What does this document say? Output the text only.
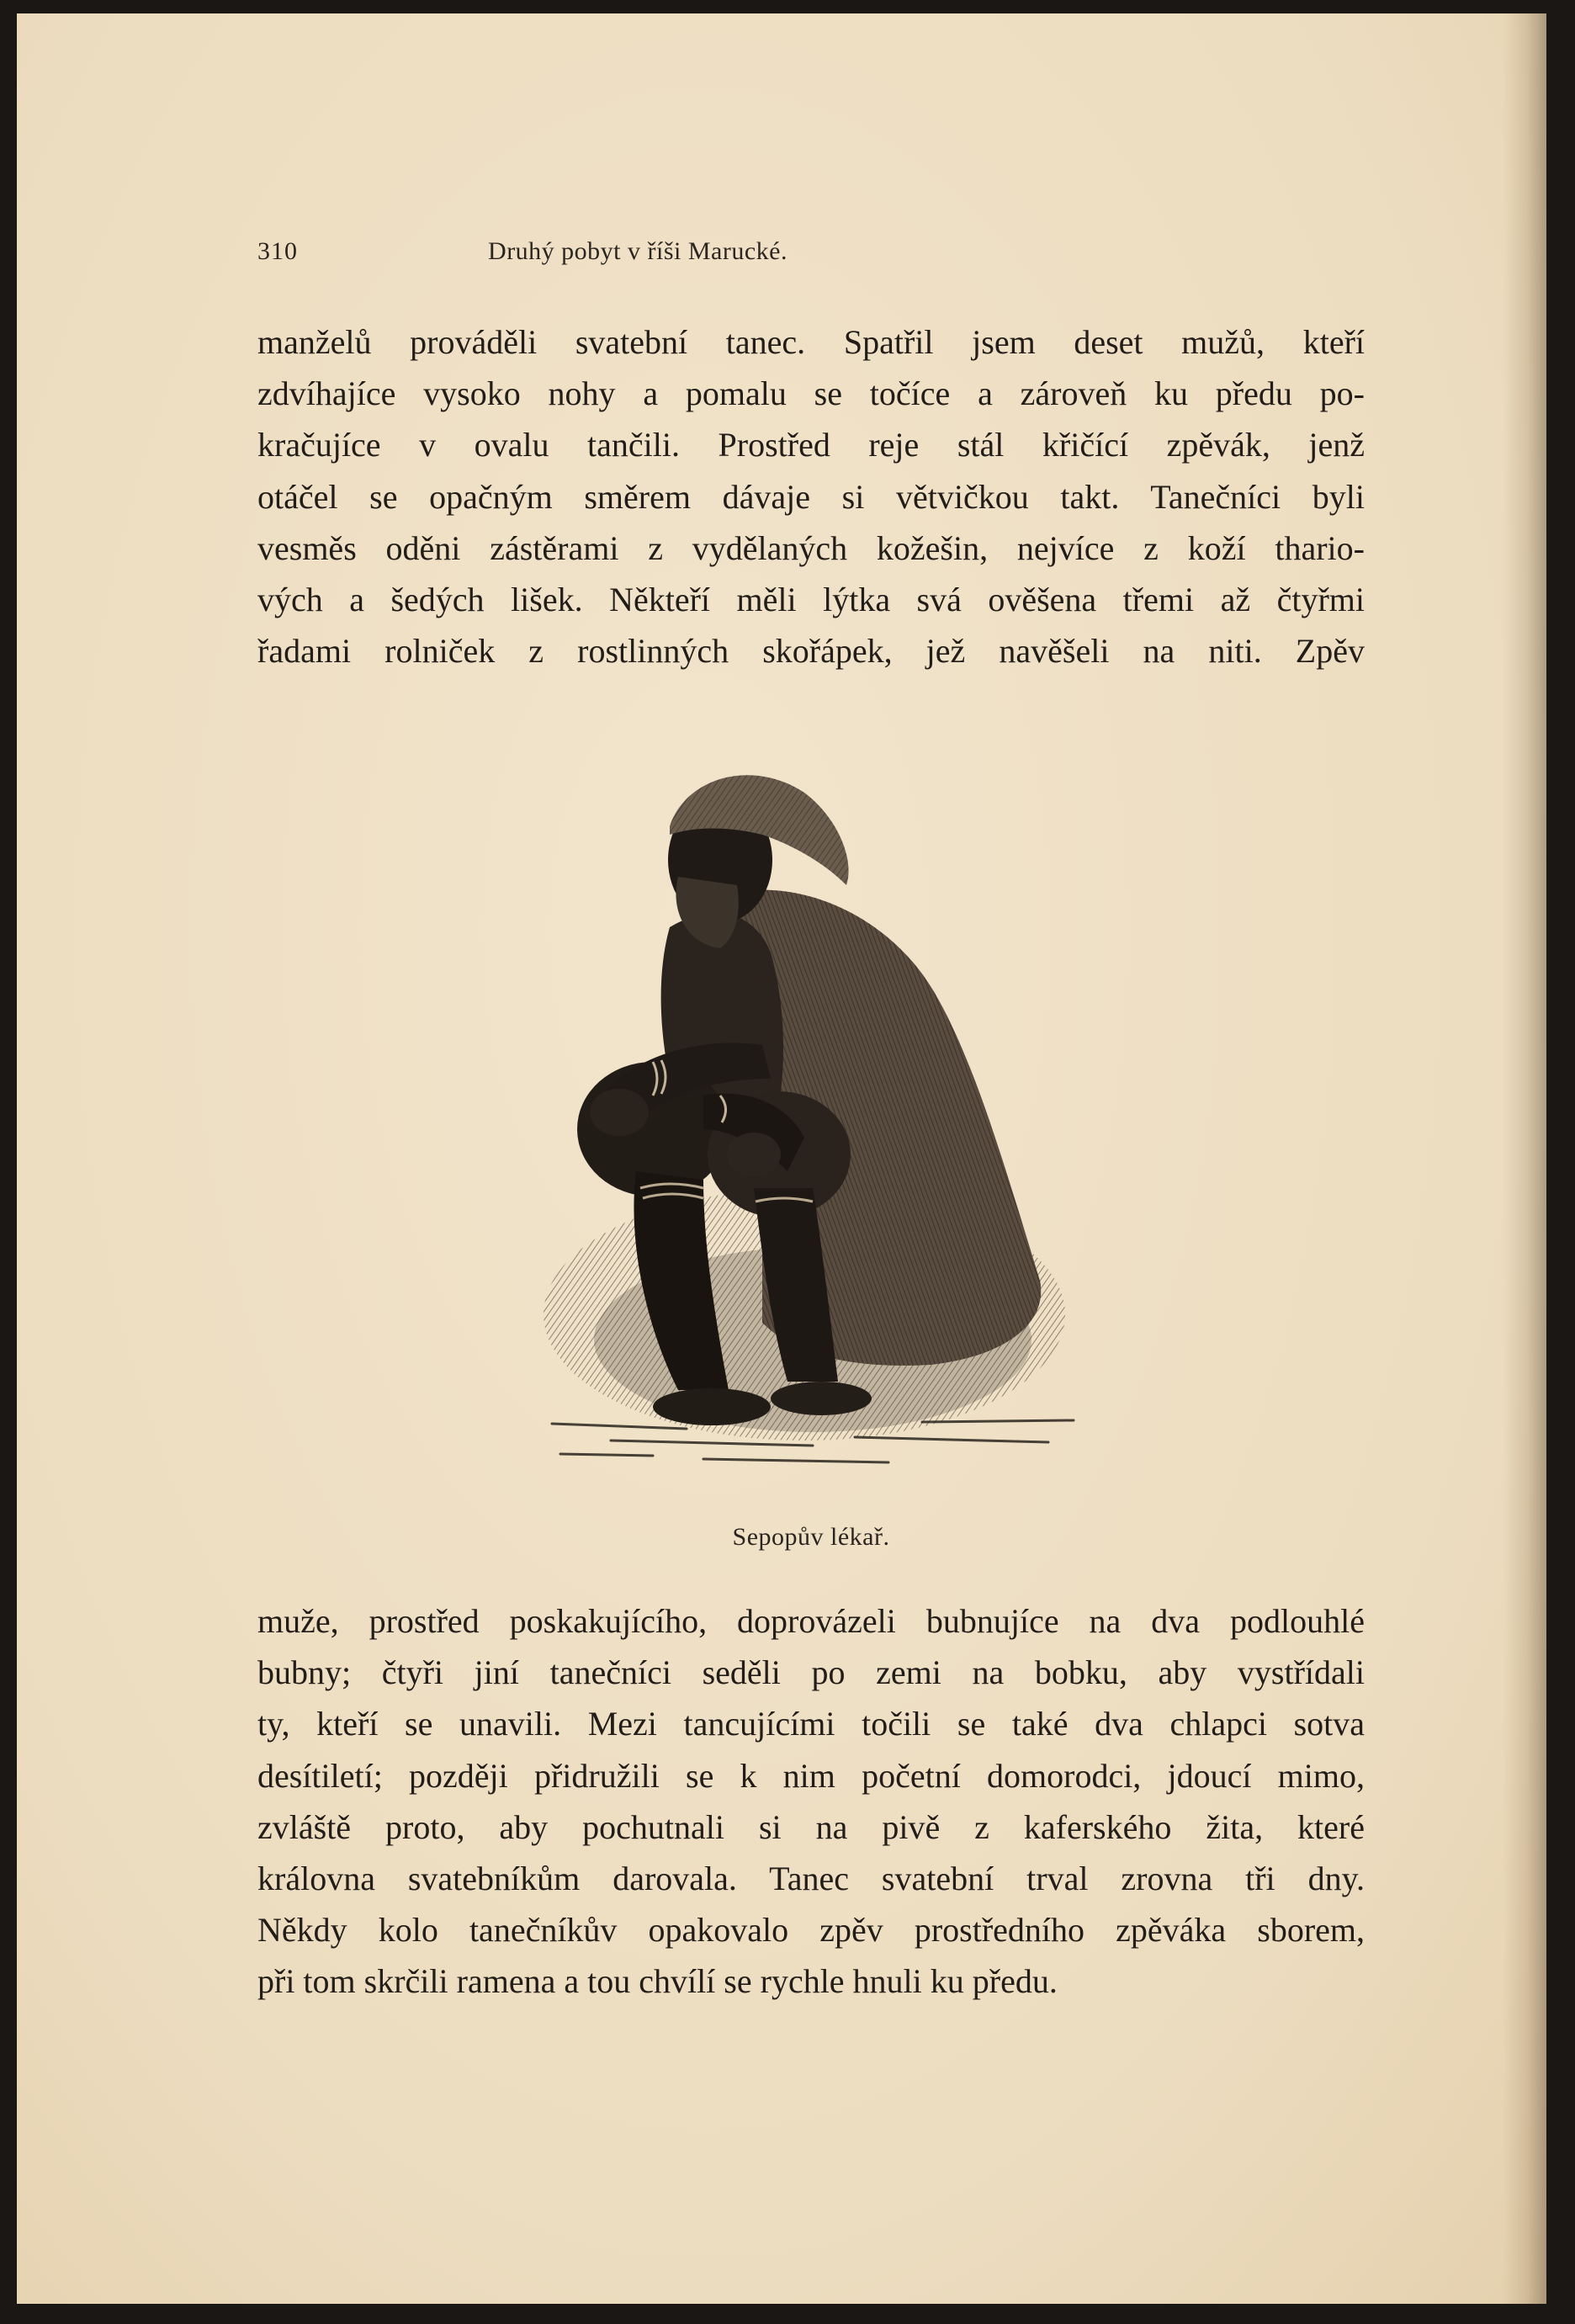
310	Druhý pobyt v říši Marucké.
manželů prováděli svatební tanec. Spatřil jsem deset mužů, kteří
zdvíhajíce vysoko nohy a pomalu se točíce a zároveň ku předu po-
kračujíce v ovalu tančili. Prostřed reje stál křičící zpěvák, jenž
otáčel se opačným směrem dávaje si větvičkou takt. Tanečníci byli
vesměs oděni zástěrami z vydělaných kožešin, nejvíce z koží thario-
vých a šedých lišek. Někteří měli lýtka svá ověšena třemi až čtyřmi
řadami rolniček z rostlinných skořápek, jež navěšeli na niti. Zpěv
Sepopův lékař.
muže, prostřed poskakujícího, doprovázeli bubnujíce na dva podlouhlé
bubny; čtyři jiní tanečníci seděli po zemi na bobku, aby vystřídali
ty, kteří se unavili. Mezi tancujícími točili se také dva chlapci sotva
desítiletí; později přidružili se k nim početní domorodci, jdoucí mimo,
zvláště proto, aby pochutnali si na pivě z kaferského žita, které
královna svatebníkům darovala. Tanec svatební trval zrovna tři dny.
Někdy kolo tanečníkův opakovalo zpěv prostředního zpěváka sborem,
při tom skrčili ramena a tou chvílí se rychle hnuli ku předu.
